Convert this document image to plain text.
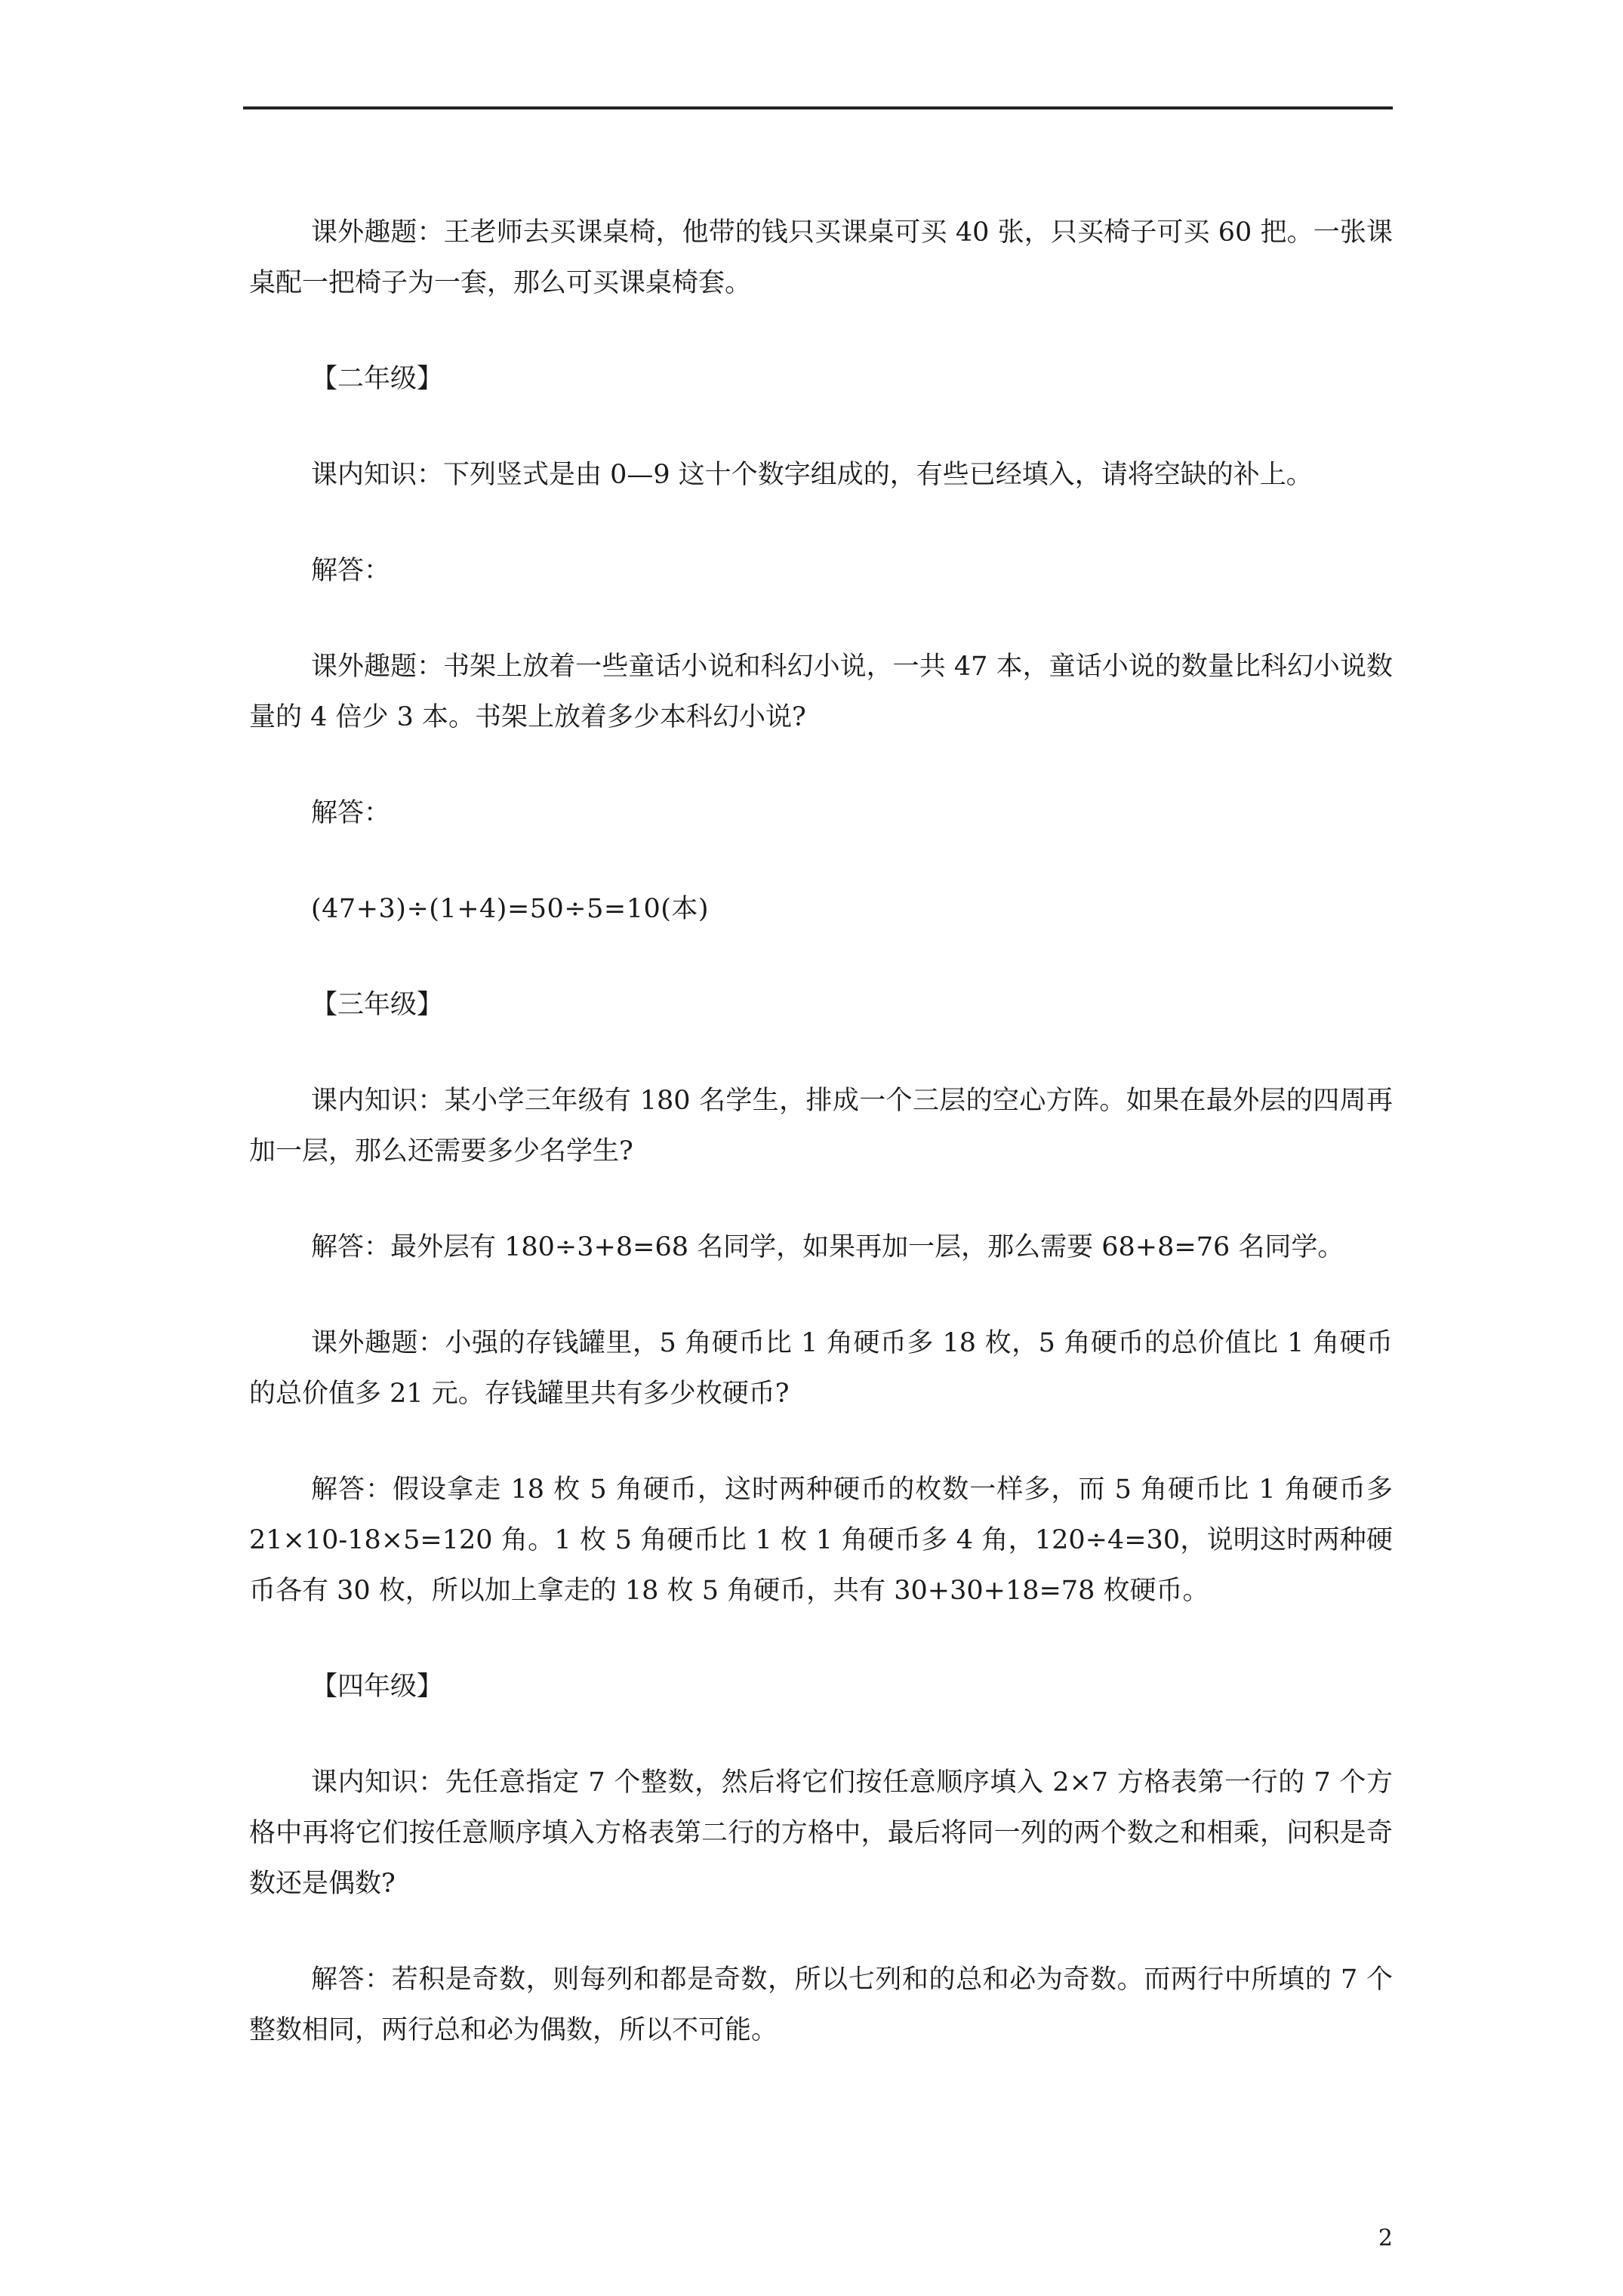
课外趣题：王老师去买课桌椅，他带的钱只买课桌可买 40 张，只买椅子可买 60 把。一张课桌配一把椅子为一套，那么可买课桌椅套。

【二年级】

课内知识：下列竖式是由 0—9 这十个数字组成的，有些已经填入，请将空缺的补上。

解答：

课外趣题：书架上放着一些童话小说和科幻小说，一共 47 本，童话小说的数量比科幻小说数量的 4 倍少 3 本。书架上放着多少本科幻小说?

解答：

(47+3)÷(1+4)=50÷5=10(本)

【三年级】

课内知识：某小学三年级有 180 名学生，排成一个三层的空心方阵。如果在最外层的四周再加一层，那么还需要多少名学生?

解答：最外层有 180÷3+8=68 名同学，如果再加一层，那么需要 68+8=76 名同学。

课外趣题：小强的存钱罐里，5 角硬币比 1 角硬币多 18 枚，5 角硬币的总价值比 1 角硬币的总价值多 21 元。存钱罐里共有多少枚硬币?

解答：假设拿走 18 枚 5 角硬币，这时两种硬币的枚数一样多，而 5 角硬币比 1 角硬币多 21×10-18×5=120 角。1 枚 5 角硬币比 1 枚 1 角硬币多 4 角，120÷4=30，说明这时两种硬币各有 30 枚，所以加上拿走的 18 枚 5 角硬币，共有 30+30+18=78 枚硬币。

【四年级】

课内知识：先任意指定 7 个整数，然后将它们按任意顺序填入 2×7 方格表第一行的 7 个方格中再将它们按任意顺序填入方格表第二行的方格中，最后将同一列的两个数之和相乘，问积是奇数还是偶数?

解答：若积是奇数，则每列和都是奇数，所以七列和的总和必为奇数。而两行中所填的 7 个整数相同，两行总和必为偶数，所以不可能。

2
